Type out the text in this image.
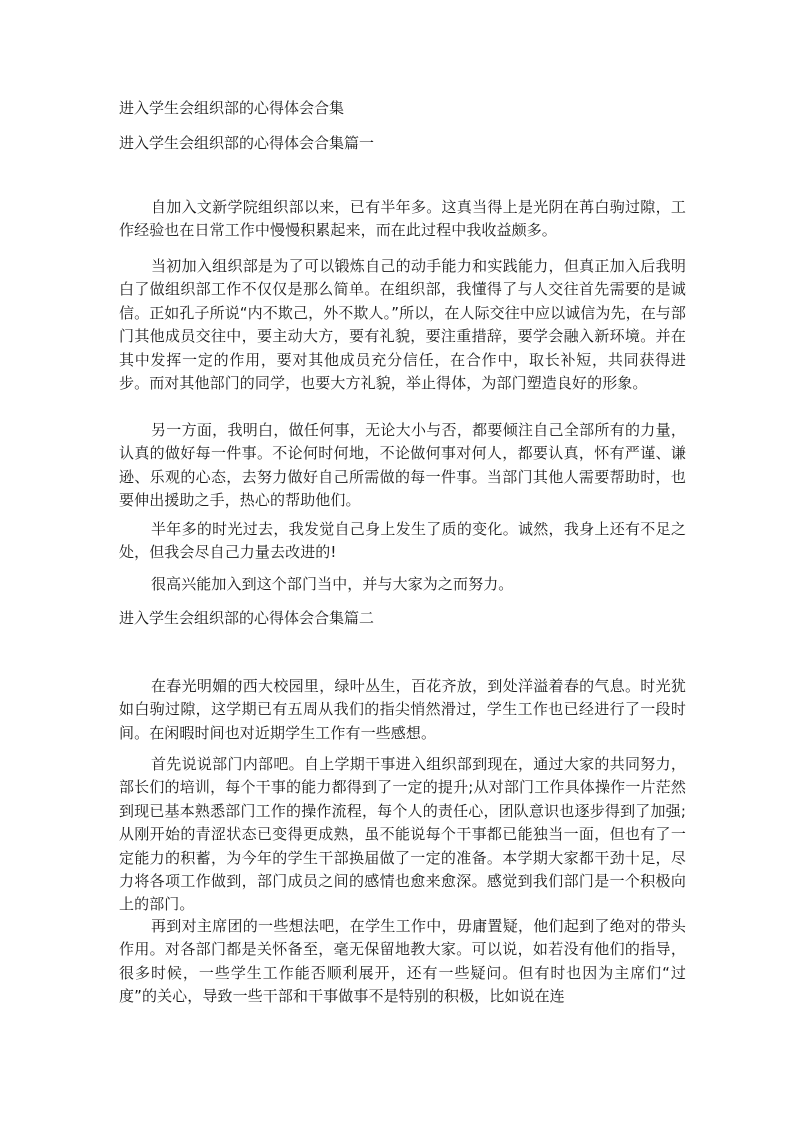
进入学生会组织部的心得体会合集
进入学生会组织部的心得体会合集篇一
自加入文新学院组织部以来，已有半年多。这真当得上是光阴在苒白驹过隙，工作经验也在日常工作中慢慢积累起来，而在此过程中我收益颇多。
当初加入组织部是为了可以锻炼自己的动手能力和实践能力，但真正加入后我明白了做组织部工作不仅仅是那么简单。在组织部，我懂得了与人交往首先需要的是诚信。正如孔子所说“内不欺己，外不欺人。”所以，在人际交往中应以诚信为先，在与部门其他成员交往中，要主动大方，要有礼貌，要注重措辞，要学会融入新环境。并在其中发挥一定的作用，要对其他成员充分信任，在合作中，取长补短，共同获得进步。而对其他部门的同学，也要大方礼貌，举止得体，为部门塑造良好的形象。
另一方面，我明白，做任何事，无论大小与否，都要倾注自己全部所有的力量，认真的做好每一件事。不论何时何地，不论做何事对何人，都要认真，怀有严谨、谦逊、乐观的心态，去努力做好自己所需做的每一件事。当部门其他人需要帮助时，也要伸出援助之手，热心的帮助他们。
半年多的时光过去，我发觉自己身上发生了质的变化。诚然，我身上还有不足之处，但我会尽自己力量去改进的!
很高兴能加入到这个部门当中，并与大家为之而努力。
进入学生会组织部的心得体会合集篇二
在春光明媚的西大校园里，绿叶丛生，百花齐放，到处洋溢着春的气息。时光犹如白驹过隙，这学期已有五周从我们的指尖悄然滑过，学生工作也已经进行了一段时间。在闲暇时间也对近期学生工作有一些感想。
首先说说部门内部吧。自上学期干事进入组织部到现在，通过大家的共同努力，部长们的培训，每个干事的能力都得到了一定的提升;从对部门工作具体操作一片茫然到现已基本熟悉部门工作的操作流程，每个人的责任心，团队意识也逐步得到了加强;从刚开始的青涩状态已变得更成熟，虽不能说每个干事都已能独当一面，但也有了一定能力的积蓄，为今年的学生干部换届做了一定的准备。本学期大家都干劲十足，尽力将各项工作做到，部门成员之间的感情也愈来愈深。感觉到我们部门是一个积极向上的部门。
再到对主席团的一些想法吧，在学生工作中，毋庸置疑，他们起到了绝对的带头作用。对各部门都是关怀备至，毫无保留地教大家。可以说，如若没有他们的指导，很多时候，一些学生工作能否顺利展开，还有一些疑问。但有时也因为主席们“过度”的关心，导致一些干部和干事做事不是特别的积极，比如说在连
